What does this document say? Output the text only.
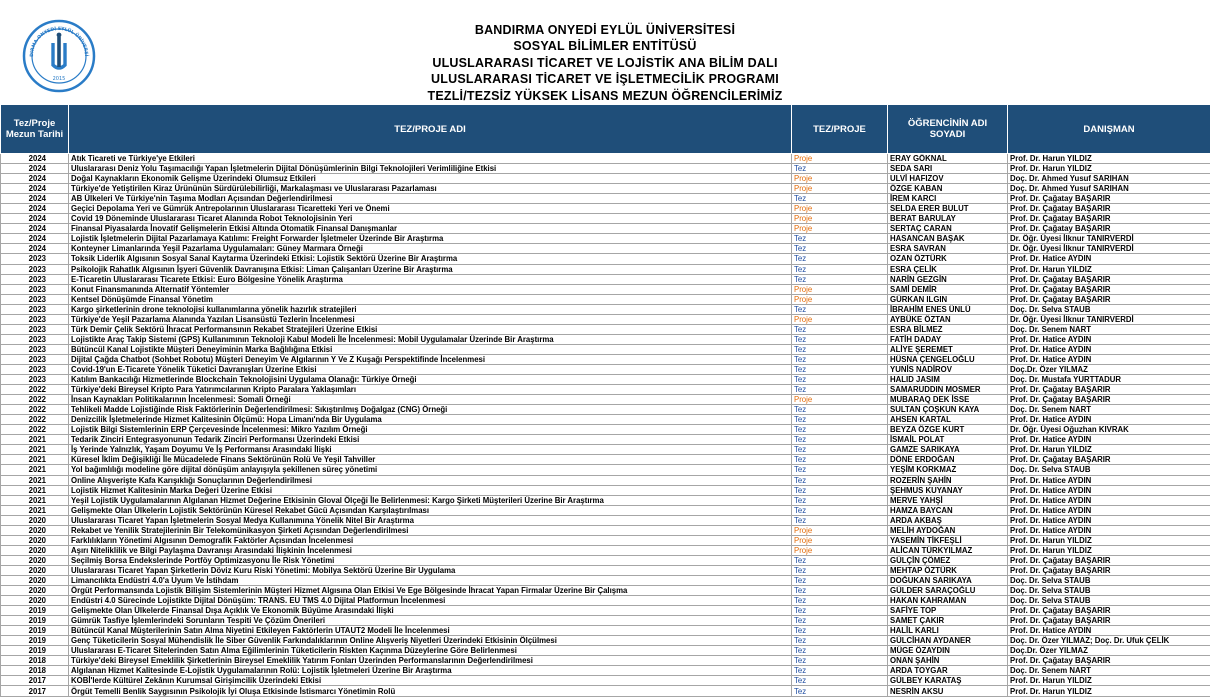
DIRMA ONYEDİ EYLÜL ÜNİVERSİ
2015
BANDIRMA ONYEDİ EYLÜL ÜNİVERSİTESİ
SOSYAL BİLİMLER ENTİTÜSÜ
ULUSLARARASI TİCARET VE LOJİSTİK ANA BİLİM DALI
ULUSLARARASI TİCARET VE İŞLETMECİLİK PROGRAMI
TEZLİ/TEZSİZ YÜKSEK LİSANS MEZUN ÖĞRENCİLERİMİZ
Tez/Proje Mezun Tarihi	TEZ/PROJE ADI	TEZ/PROJE	ÖĞRENCİNİN ADI SOYADI	DANIŞMAN
2024	Atık Ticareti ve Türkiye'ye Etkileri	Proje	ERAY GÖKNAL	Prof. Dr. Harun YILDIZ
2024	Uluslararası Deniz Yolu Taşımacılığı Yapan İşletmelerin Dijital Dönüşümlerinin Bilgi Teknolojileri Verimliliğine Etkisi	Tez	SEDA SARI	Prof. Dr. Harun YILDIZ
2024	Doğal Kaynakların Ekonomik Gelişme Üzerindeki Olumsuz Etkileri	Proje	ULVİ HAFIZOV	Doç. Dr. Ahmed Yusuf SARIHAN
2024	Türkiye'de Yetiştirilen Kiraz Ürününün Sürdürülebilirliği, Markalaşması ve Uluslararası Pazarlaması	Proje	ÖZGE KABAN	Doç. Dr. Ahmed Yusuf SARIHAN
2024	AB Ülkeleri Ve Türkiye'nin Taşıma Modları Açısından Değerlendirilmesi	Tez	İREM KARCI	Prof. Dr. Çağatay BAŞARIR
2024	Geçici Depolama Yeri ve Gümrük Antrepolarının Uluslararası Ticaretteki Yeri ve Önemi	Proje	SELDA ERER BULUT	Prof. Dr. Çağatay BAŞARIR
2024	Covid 19 Döneminde Uluslararası Ticaret Alanında Robot Teknolojisinin Yeri	Proje	BERAT BARULAY	Prof. Dr. Çağatay BAŞARIR
2024	Finansal Piyasalarda İnovatif Gelişmelerin Etkisi Altında Otomatik Finansal Danışmanlar	Proje	SERTAÇ CARAN	Prof. Dr. Çağatay BAŞARIR
2024	Lojistik İşletmelerin Dijital Pazarlamaya Katılımı: Freight Forwarder İşletmeler Üzerinde Bir Araştırma	Tez	HASANCAN BAŞAK	Dr. Öğr. Üyesi İlknur TANIRVERDİ
2024	Konteyner Limanlarında Yeşil Pazarlama Uygulamaları: Güney Marmara Örneği	Tez	ESRA SAVRAN	Dr. Öğr. Üyesi İlknur TANIRVERDİ
2023	Toksik Liderlik Algısının Sosyal Sanal Kaytarma Üzerindeki Etkisi: Lojistik Sektörü Üzerine Bir Araştırma	Tez	OZAN ÖZTÜRK	Prof. Dr. Hatice AYDIN
2023	Psikolojik Rahatlık Algısının İşyeri Güvenlik Davranışına Etkisi: Liman Çalışanları Üzerine Bir Araştırma	Tez	ESRA ÇELİK	Prof. Dr. Harun YILDIZ
2023	E-Ticaretin Uluslararası Ticarete Etkisi: Euro Bölgesine Yönelik Araştırma	Tez	NARİN GEZGİN	Prof. Dr. Çağatay BAŞARIR
2023	Konut Finansmanında Alternatif Yöntemler	Proje	SAMİ DEMİR	Prof. Dr. Çağatay BAŞARIR
2023	Kentsel Dönüşümde Finansal Yönetim	Proje	GÜRKAN ILGIN	Prof. Dr. Çağatay BAŞARIR
2023	Kargo şirketlerinin drone teknolojisi kullanımlarına yönelik hazırlık stratejileri	Tez	İBRAHİM ENES ÜNLÜ	Doç. Dr. Selva STAUB
2023	Türkiye'de Yeşil Pazarlama Alanında Yazılan Lisansüstü Tezlerin İncelenmesi	Proje	AYBÜKE ÖZTAN	Dr. Öğr. Üyesi İlknur TANIRVERDİ
2023	Türk Demir Çelik Sektörü İhracat Performansının Rekabet Stratejileri Üzerine Etkisi	Tez	ESRA BİLMEZ	Doç. Dr. Senem NART
2023	Lojistikte Araç Takip Sistemi (GPS) Kullanımının Teknoloji Kabul Modeli İle İncelenmesi: Mobil Uygulamalar Üzerinde Bir Araştırma	Tez	FATİH DADAY	Prof. Dr. Hatice AYDIN
2023	Bütüncül Kanal Lojistikte Müşteri Deneyiminin Marka Bağlılığına Etkisi	Tez	ALİYE ŞEREMET	Prof. Dr. Hatice AYDIN
2023	Dijital Çağda Chatbot (Sohbet Robotu) Müşteri Deneyim Ve Algılarının Y Ve Z Kuşağı Perspektifinde İncelenmesi	Tez	HÜSNA ÇENGELOĞLU	Prof. Dr. Hatice AYDIN
2023	Covid-19'un E-Ticarete Yönelik Tüketici Davranışları Üzerine Etkisi	Tez	YUNİS NADİROV	Doç.Dr. Özer YILMAZ
2023	Katılım Bankacılığı Hizmetlerinde Blockchain Teknolojisini Uygulama Olanağı: Türkiye Örneği	Tez	HALID JASIM	Doç. Dr. Mustafa YURTTADUR
2022	Türkiye'deki Bireysel Kripto Para Yatırımcılarının Kripto Paralara Yaklaşımları	Tez	SAMARUDDIN MOSMER	Prof. Dr. Çağatay BAŞARIR
2022	İnsan Kaynakları Politikalarının İncelenmesi: Somali Örneği	Proje	MUBARAQ DEK İSSE	Prof. Dr. Çağatay BAŞARIR
2022	Tehlikeli Madde Lojistiğinde Risk Faktörlerinin Değerlendirilmesi: Sıkıştırılmış Doğalgaz (CNG) Örneği	Tez	SULTAN ÇOŞKUN KAYA	Doç. Dr. Senem NART
2022	Denizcilik İşletmelerinde Hizmet Kalitesinin Ölçümü: Hopa Limanı'nda Bir Uygulama	Tez	AHSEN KARTAL	Prof. Dr. Hatice AYDIN
2022	Lojistik Bilgi Sistemlerinin ERP Çerçevesinde İncelenmesi: Mikro Yazılım Örneği	Tez	BEYZA ÖZGE KURT	Dr. Öğr. Üyesi Oğuzhan KIVRAK
2021	Tedarik Zinciri Entegrasyonunun Tedarik Zinciri Performansı Üzerindeki Etkisi	Tez	İSMAİL POLAT	Prof. Dr. Hatice AYDIN
2021	İş Yerinde Yalnızlık, Yaşam Doyumu Ve İş Performansı Arasındaki İlişki	Tez	GAMZE SARIKAYA	Prof. Dr. Harun YILDIZ
2021	Küresel İklim Değişikliği İle Mücadelede Finans Sektörünün Rolü Ve Yeşil Tahviller	Tez	DÖNE ERDOĞAN	Prof. Dr. Çağatay BAŞARIR
2021	Yol bağımlılığı modeline göre dijital dönüşüm anlayışıyla şekillenen süreç yönetimi	Tez	YEŞİM KORKMAZ	Doç. Dr. Selva STAUB
2021	Online Alışverişte Kafa Karışıklığı Sonuçlarının Değerlendirilmesi	Tez	ROZERİN ŞAHİN	Prof. Dr. Hatice AYDIN
2021	Lojistik Hizmet Kalitesinin Marka Değeri Üzerine Etkisi	Tez	ŞEHMUS KUYANAY	Prof. Dr. Hatice AYDIN
2021	Yeşil Lojistik Uygulamalarının Algılanan Hizmet Değerine Etkisinin Gloval Ölçeği İle Belirlenmesi: Kargo Şirketi Müşterileri Üzerine Bir Araştırma	Tez	MERVE YAHŞİ	Prof. Dr. Hatice AYDIN
2021	Gelişmekte Olan Ülkelerin Lojistik Sektörünün Küresel Rekabet Gücü Açısından Karşılaştırılması	Tez	HAMZA BAYCAN	Prof. Dr. Hatice AYDIN
2020	Uluslararası Ticaret Yapan İşletmelerin Sosyal Medya Kullanımına Yönelik Nitel Bir Araştırma	Tez	ARDA AKBAŞ	Prof. Dr. Hatice AYDIN
2020	Rekabet ve Yenilik Stratejilerinin Bir Telekomünikasyon Şirketi Açısından Değerlendirilmesi	Proje	MELİH AYDOĞAN	Prof. Dr. Hatice AYDIN
2020	Farklılıkların Yönetimi Algısının Demografik Faktörler Açısından İncelenmesi	Proje	YASEMİN TİKFEŞLİ	Prof. Dr. Harun YILDIZ
2020	Aşırı Niteliklilik ve Bilgi Paylaşma Davranışı Arasındaki İlişkinin İncelenmesi	Proje	ALİCAN TÜRKYILMAZ	Prof. Dr. Harun YILDIZ
2020	Seçilmiş Borsa Endekslerinde Portföy Optimizasyonu İle Risk Yönetimi	Tez	GÜLÇİN ÇÖMEZ	Prof. Dr. Çağatay BAŞARIR
2020	Uluslararası Ticaret Yapan Şirketlerin Döviz Kuru Riski Yönetimi: Mobilya Sektörü Üzerine Bir Uygulama	Tez	MEHTAP ÖZTÜRK	Prof. Dr. Çağatay BAŞARIR
2020	Limancılıkta Endüstri 4.0'a Uyum Ve İstihdam	Tez	DOĞUKAN SARIKAYA	Doç. Dr. Selva STAUB
2020	Örgüt Performansında Lojistik Bilişim Sistemlerinin Müşteri Hizmet Algısına Olan Etkisi Ve Ege Bölgesinde İhracat Yapan Firmalar Üzerine Bir Çalışma	Tez	GÜLDER SARAÇOĞLU	Doç. Dr. Selva STAUB
2020	Endüstri 4.0 Sürecinde Lojistikte Dijital Dönüşüm: TRANS. EU TMS 4.0 Dijital Platformun İncelenmesi	Tez	HAKAN KAHRAMAN	Doç. Dr. Selva STAUB
2019	Gelişmekte Olan Ülkelerde Finansal Dışa Açıklık Ve Ekonomik Büyüme Arasındaki İlişki	Tez	SAFİYE TOP	Prof. Dr. Çağatay BAŞARIR
2019	Gümrük Tasfiye İşlemlerindeki Sorunların Tespiti Ve Çözüm Önerileri	Tez	SAMET ÇAKIR	Prof. Dr. Çağatay BAŞARIR
2019	Bütüncül Kanal Müşterilerinin Satın Alma Niyetini Etkileyen Faktörlerin UTAUT2 Modeli İle İncelenmesi	Tez	HALİL KARLI	Prof. Dr. Hatice AYDIN
2019	Genç Tüketicilerin Sosyal Mühendislik İle Siber Güvenlik Farkındalıklarının Online Alışveriş Niyetleri Üzerindeki Etkisinin Ölçülmesi	Tez	GÜLCİHAN AYDANER	Doç. Dr. Özer YILMAZ; Doç. Dr. Ufuk ÇELİK
2019	Uluslararası E-Ticaret Sitelerinden Satın Alma Eğilimlerinin Tüketicilerin Riskten Kaçınma Düzeylerine Göre Belirlenmesi	Tez	MÜGE ÖZAYDIN	Doç.Dr. Özer YILMAZ
2018	Türkiye'deki Bireysel Emeklilik Şirketlerinin Bireysel Emeklilik Yatırım Fonları Üzerinden Performanslarının Değerlendirilmesi	Tez	ONAN ŞAHİN	Prof. Dr. Çağatay BAŞARIR
2018	Algılanan Hizmet Kalitesinde E-Lojistik Uygulamalarının Rolü: Lojistik İşletmeleri Üzerine Bir Araştırma	Tez	ARDA TOYGAR	Doç. Dr. Senem NART
2017	KOBİ'lerde Kültürel Zekânın Kurumsal Girişimcilik Üzerindeki Etkisi	Tez	GÜLBEY KARATAŞ	Prof. Dr. Harun YILDIZ
2017	Örgüt Temelli Benlik Saygısının Psikolojik İyi Oluşa Etkisinde İstismarcı Yönetimin Rolü	Tez	NESRİN AKSU	Prof. Dr. Harun YILDIZ
